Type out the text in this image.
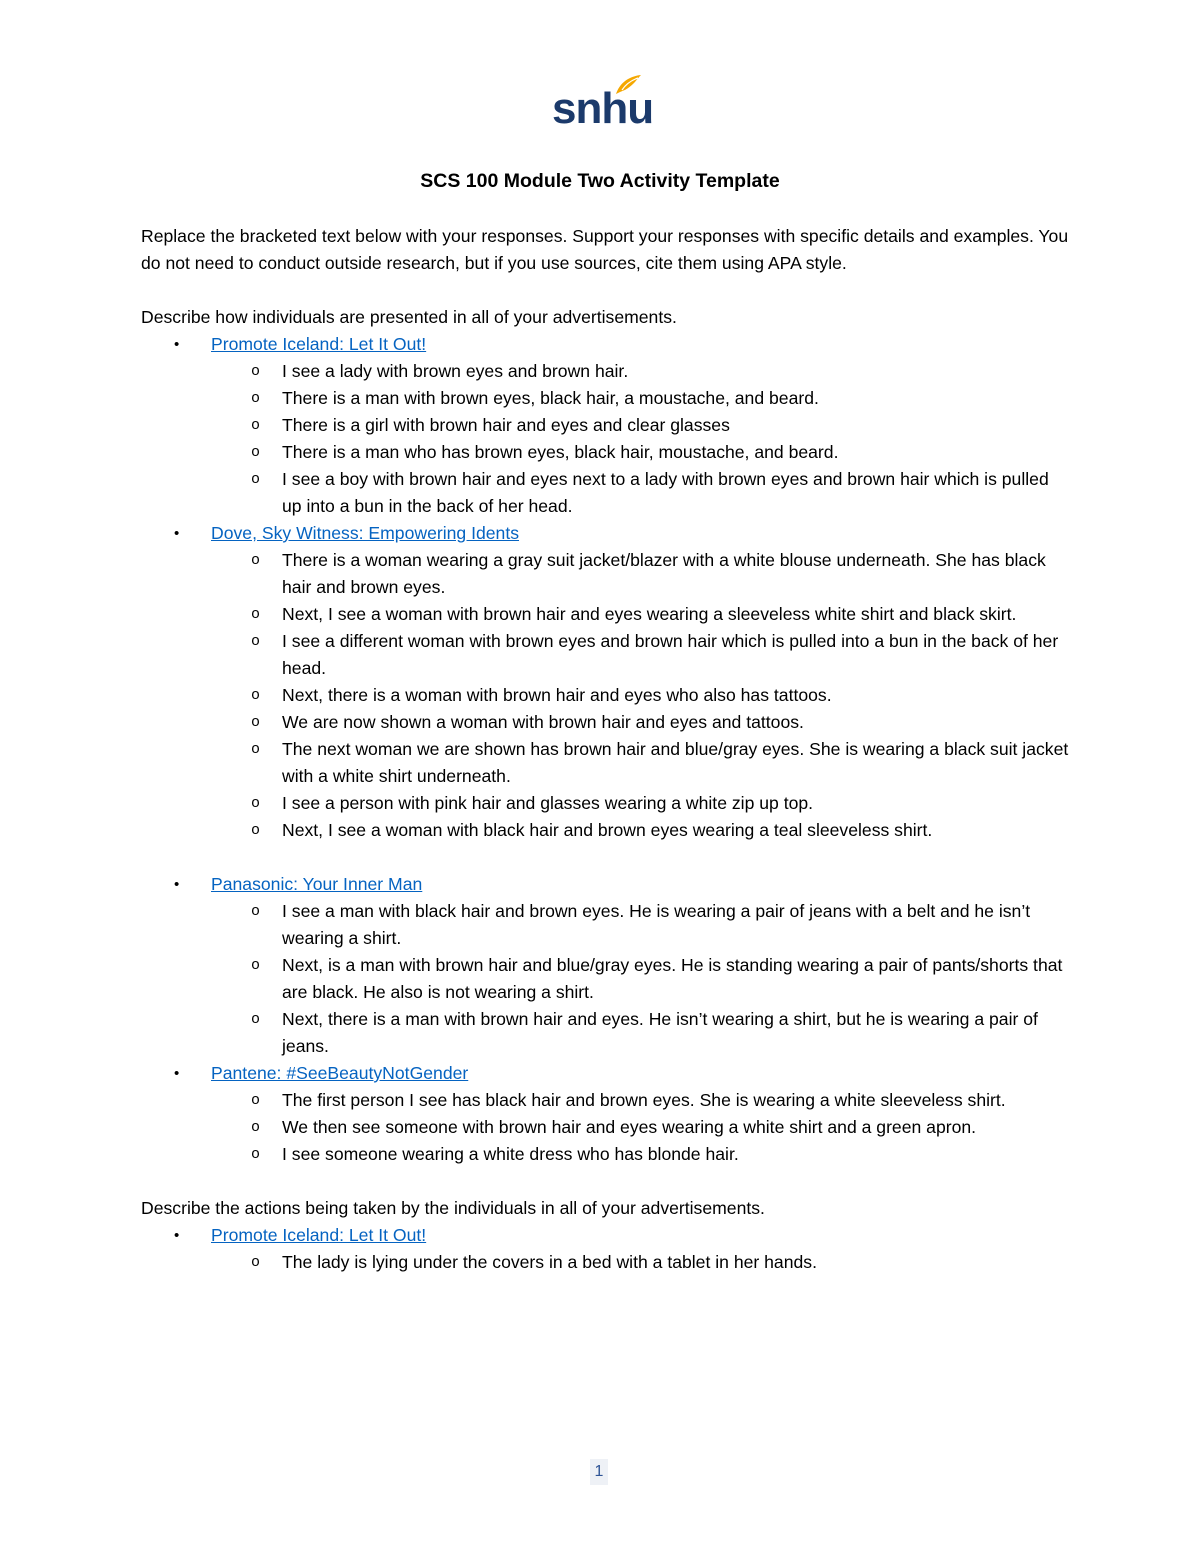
snhu
SCS 100 Module Two Activity Template

Replace the bracketed text below with your responses. Support your responses with specific details and examples. You do not need to conduct outside research, but if you use sources, cite them using APA style.

Describe how individuals are presented in all of your advertisements.

• Promote Iceland: Let It Out!
o I see a lady with brown eyes and brown hair.
o There is a man with brown eyes, black hair, a moustache, and beard.
o There is a girl with brown hair and eyes and clear glasses
o There is a man who has brown eyes, black hair, moustache, and beard.
o I see a boy with brown hair and eyes next to a lady with brown eyes and brown hair which is pulled up into a bun in the back of her head.
• Dove, Sky Witness: Empowering Idents
o There is a woman wearing a gray suit jacket/blazer with a white blouse underneath. She has black hair and brown eyes.
o Next, I see a woman with brown hair and eyes wearing a sleeveless white shirt and black skirt.
o I see a different woman with brown eyes and brown hair which is pulled into a bun in the back of her head.
o Next, there is a woman with brown hair and eyes who also has tattoos.
o We are now shown a woman with brown hair and eyes and tattoos.
o The next woman we are shown has brown hair and blue/gray eyes. She is wearing a black suit jacket with a white shirt underneath.
o I see a person with pink hair and glasses wearing a white zip up top.
o Next, I see a woman with black hair and brown eyes wearing a teal sleeveless shirt.
• Panasonic: Your Inner Man
o I see a man with black hair and brown eyes. He is wearing a pair of jeans with a belt and he isn’t wearing a shirt.
o Next, is a man with brown hair and blue/gray eyes. He is standing wearing a pair of pants/shorts that are black. He also is not wearing a shirt.
o Next, there is a man with brown hair and eyes. He isn’t wearing a shirt, but he is wearing a pair of jeans.
• Pantene: #SeeBeautyNotGender
o The first person I see has black hair and brown eyes. She is wearing a white sleeveless shirt.
o We then see someone with brown hair and eyes wearing a white shirt and a green apron.
o I see someone wearing a white dress who has blonde hair.

Describe the actions being taken by the individuals in all of your advertisements.

• Promote Iceland: Let It Out!
o The lady is lying under the covers in a bed with a tablet in her hands.
1
